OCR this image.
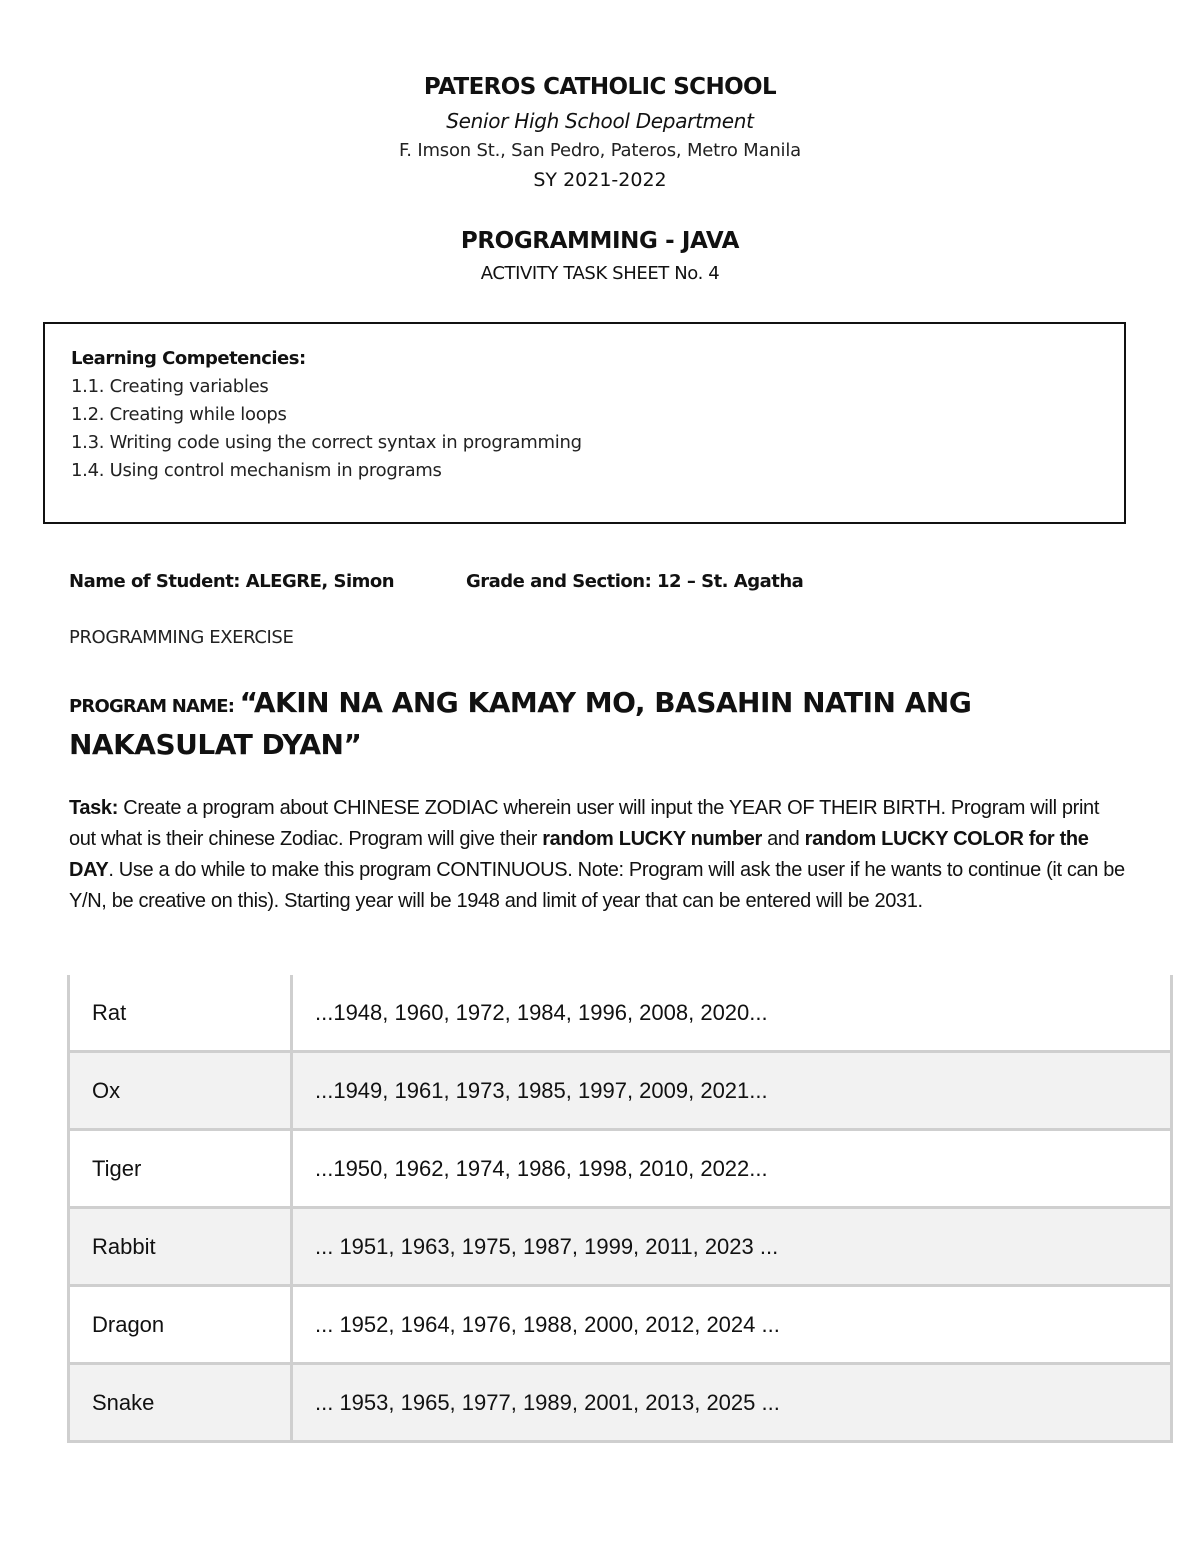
PATEROS CATHOLIC SCHOOL
Senior High School Department
F. Imson St., San Pedro, Pateros, Metro Manila
SY 2021-2022
PROGRAMMING - JAVA
ACTIVITY TASK SHEET No. 4
Learning Competencies:
1.1. Creating variables
1.2. Creating while loops
1.3. Writing code using the correct syntax in programming
1.4. Using control mechanism in programs
Name of Student: ALEGRE, Simon	Grade and Section: 12 – St. Agatha
PROGRAMMING EXERCISE
PROGRAM NAME: “AKIN NA ANG KAMAY MO, BASAHIN NATIN ANG NAKASULAT DYAN”
Task: Create a program about CHINESE ZODIAC wherein user will input the YEAR OF THEIR BIRTH. Program will print out what is their chinese Zodiac. Program will give their random LUCKY number and random LUCKY COLOR for the DAY. Use a do while to make this program CONTINUOUS. Note: Program will ask the user if he wants to continue (it can be Y/N, be creative on this). Starting year will be 1948 and limit of year that can be entered will be 2031.
Rat	...1948, 1960, 1972, 1984, 1996, 2008, 2020...
Ox	...1949, 1961, 1973, 1985, 1997, 2009, 2021...
Tiger	...1950, 1962, 1974, 1986, 1998, 2010, 2022...
Rabbit	... 1951, 1963, 1975, 1987, 1999, 2011, 2023 ...
Dragon	... 1952, 1964, 1976, 1988, 2000, 2012, 2024 ...
Snake	... 1953, 1965, 1977, 1989, 2001, 2013, 2025 ...
